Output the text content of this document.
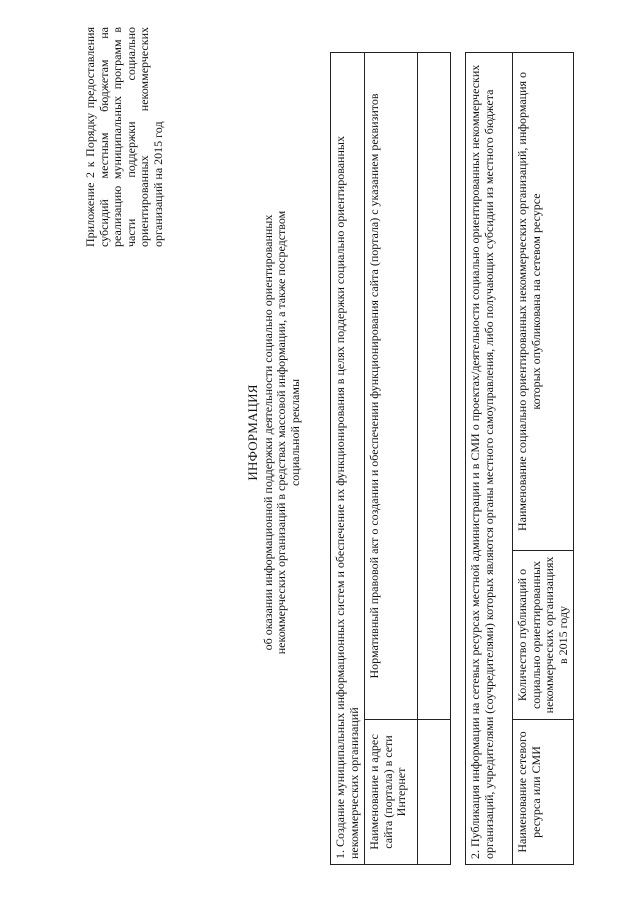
Приложение 2 к Порядку предоставления субсидий местным бюджетам на реализацию муниципальных программ в части поддержки социально ориентированных некоммерческих организаций на 2015 год
ИНФОРМАЦИЯ об оказании информационной поддержки деятельности социально ориентированных некоммерческих организаций в средствах массовой информации, а также посредством социальной рекламы	1. Создание муниципальных информационных систем и обеспечение их функционирования в целях поддержки социально ориентированных некоммерческих организаций		
Наименование и адрес сайта (портала) в сети Интернет	Нормативный правовой акт о создании и обеспечении функционирования сайта (портала) с указанием реквизитов	

2. Публикация информации на сетевых ресурсах местной администрации и в СМИ о проектах/деятельности социально ориентированных некоммерческих организаций, учредителями (соучредителями) которых являются органы местного самоуправления, либо получающих субсидии из местного бюджета		
Наименование сетевого ресурса или СМИ	Количество публикаций о социально ориентированных некоммерческих организациях в 2015 году	Наименование социально ориентированных некоммерческих организаций, информация о которых опубликована на сетевом ресурсе
